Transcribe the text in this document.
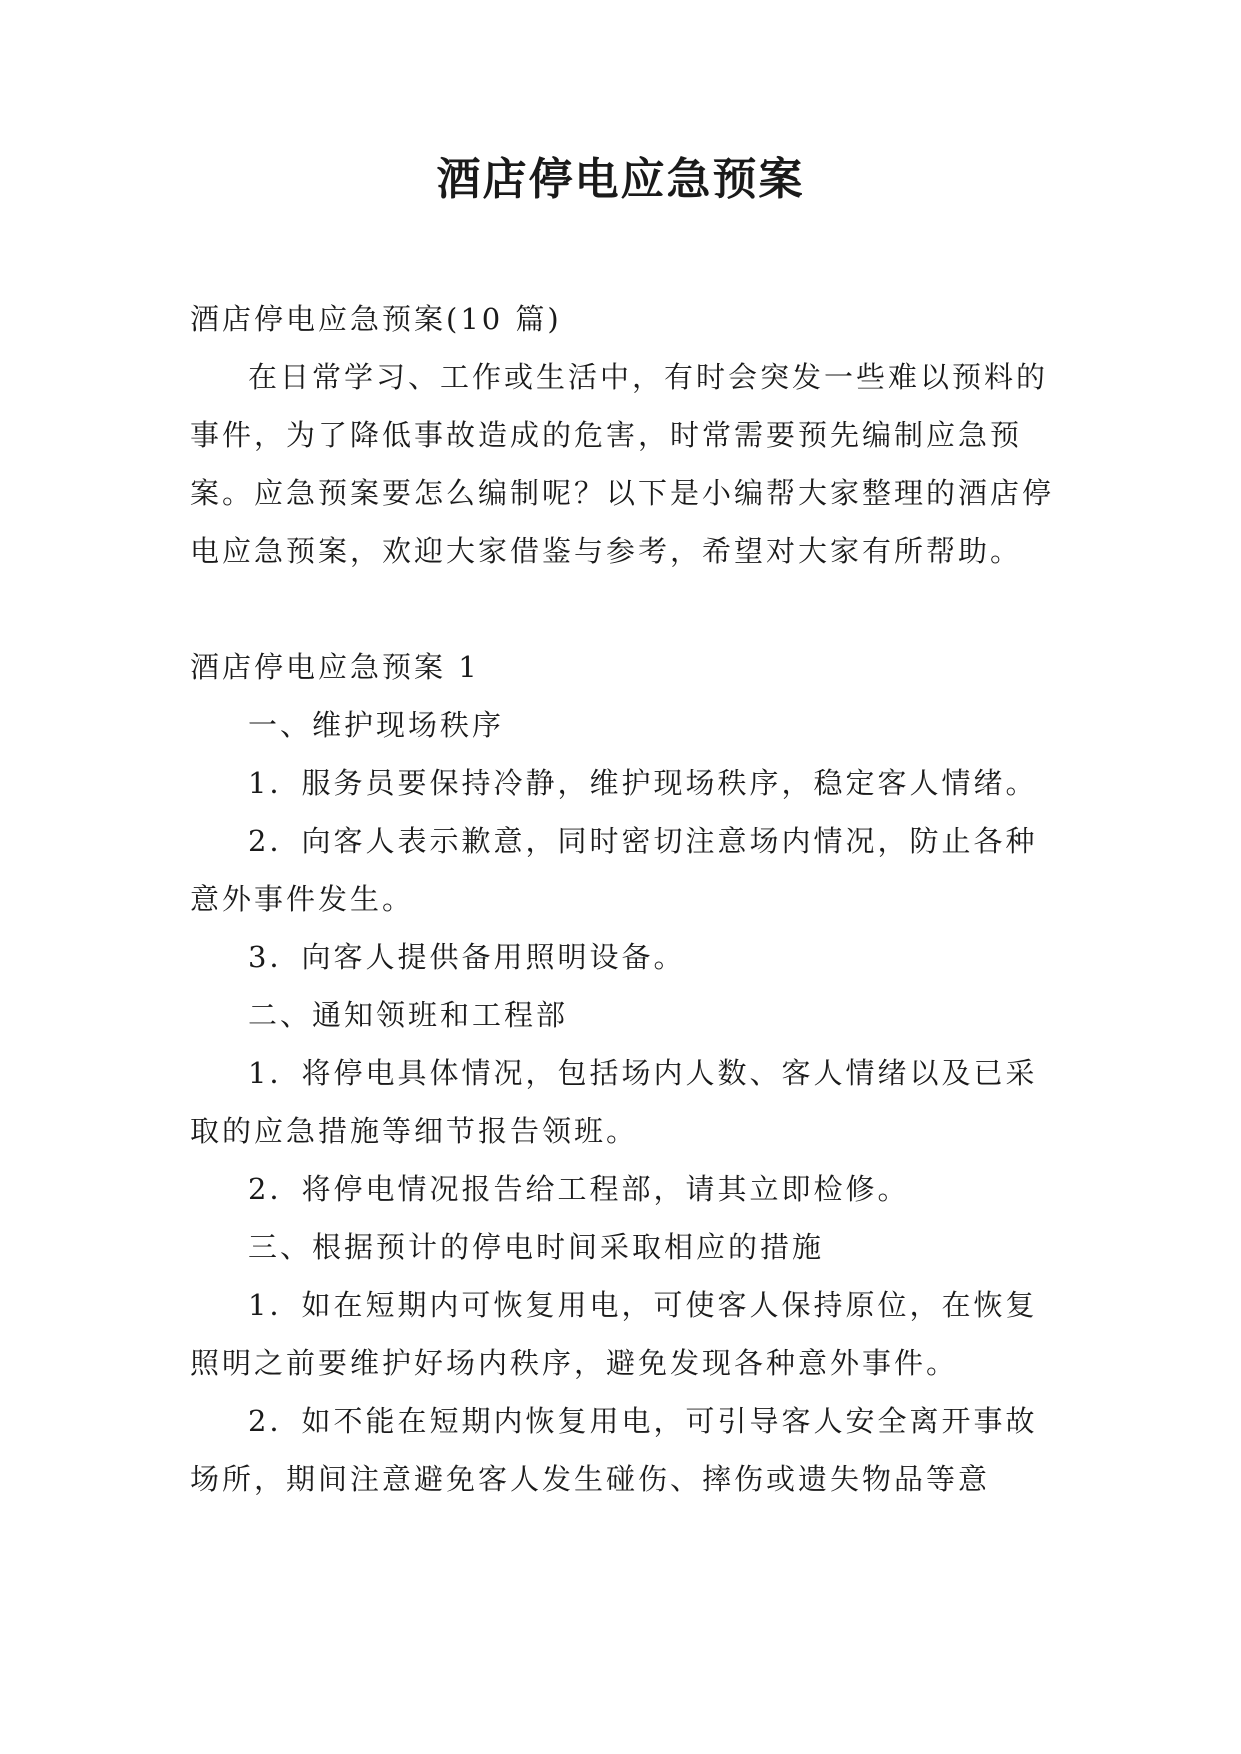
酒店停电应急预案

酒店停电应急预案(10 篇)

在日常学习、工作或生活中，有时会突发一些难以预料的事件，为了降低事故造成的危害，时常需要预先编制应急预案。应急预案要怎么编制呢？以下是小编帮大家整理的酒店停电应急预案，欢迎大家借鉴与参考，希望对大家有所帮助。

酒店停电应急预案 1

一、维护现场秩序

1．服务员要保持冷静，维护现场秩序，稳定客人情绪。

2．向客人表示歉意，同时密切注意场内情况，防止各种意外事件发生。

3．向客人提供备用照明设备。

二、通知领班和工程部

1．将停电具体情况，包括场内人数、客人情绪以及已采取的应急措施等细节报告领班。

2．将停电情况报告给工程部，请其立即检修。

三、根据预计的停电时间采取相应的措施

1．如在短期内可恢复用电，可使客人保持原位，在恢复照明之前要维护好场内秩序，避免发现各种意外事件。

2．如不能在短期内恢复用电，可引导客人安全离开事故场所，期间注意避免客人发生碰伤、摔伤或遗失物品等意
